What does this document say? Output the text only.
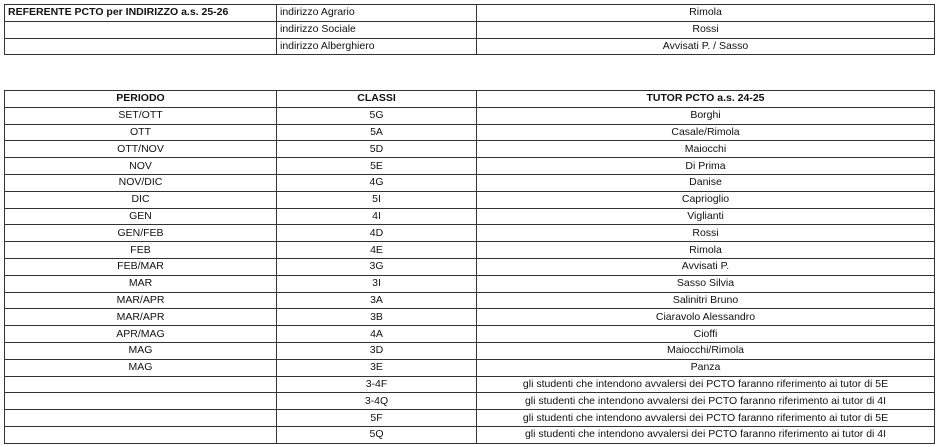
REFERENTE PCTO per INDIRIZZO a.s. 25-26	indirizzo Agrario	Rimola
	indirizzo Sociale	Rossi
	indirizzo Alberghiero	Avvisati P. / Sasso
PERIODO	CLASSI	TUTOR PCTO a.s. 24-25
SET/OTT	5G	Borghi
OTT	5A	Casale/Rimola
OTT/NOV	5D	Maiocchi
NOV	5E	Di Prima
NOV/DIC	4G	Danise
DIC	5I	Caprioglio
GEN	4I	Viglianti
GEN/FEB	4D	Rossi
FEB	4E	Rimola
FEB/MAR	3G	Avvisati P.
MAR	3I	Sasso Silvia
MAR/APR	3A	Salinitri Bruno
MAR/APR	3B	Ciaravolo Alessandro
APR/MAG	4A	Cioffi
MAG	3D	Maiocchi/Rimola
MAG	3E	Panza
	3-4F	gli studenti che intendono avvalersi dei PCTO faranno riferimento ai tutor di 5E
	3-4Q	gli studenti che intendono avvalersi dei PCTO faranno riferimento ai tutor di 4I
	5F	gli studenti che intendono avvalersi dei PCTO faranno riferimento ai tutor di 5E
	5Q	gli studenti che intendono avvalersi dei PCTO faranno riferimento ai tutor di 4I
